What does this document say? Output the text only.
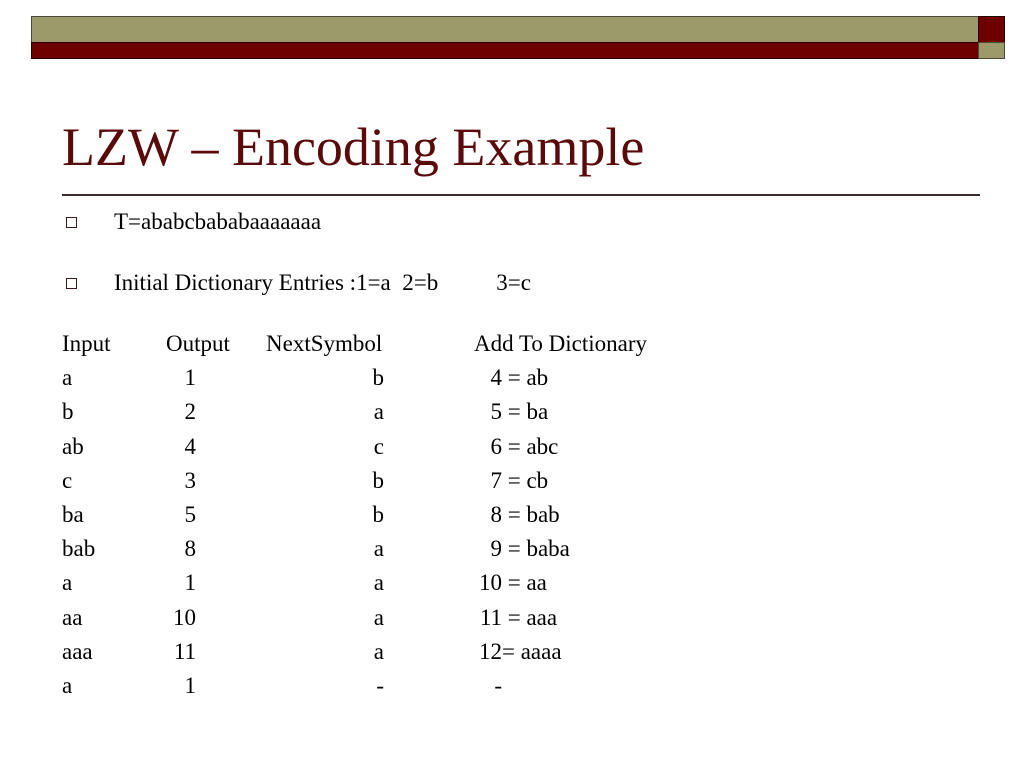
LZW – Encoding Example
T=ababcbababaaaaaaa
Initial Dictionary Entries :1=a  2=b	3=c
Input	Output	NextSymbol	Add To Dictionary
a	1	b	4 = ab
b	2	a	5 = ba
ab	4	c	6 = abc
c	3	b	7 = cb
ba	5	b	8 = bab
bab	8	a	9 = baba
a	1	a	10 = aa
aa	10	a	11 = aaa
aaa	11	a	12= aaaa
a	1	-	-
